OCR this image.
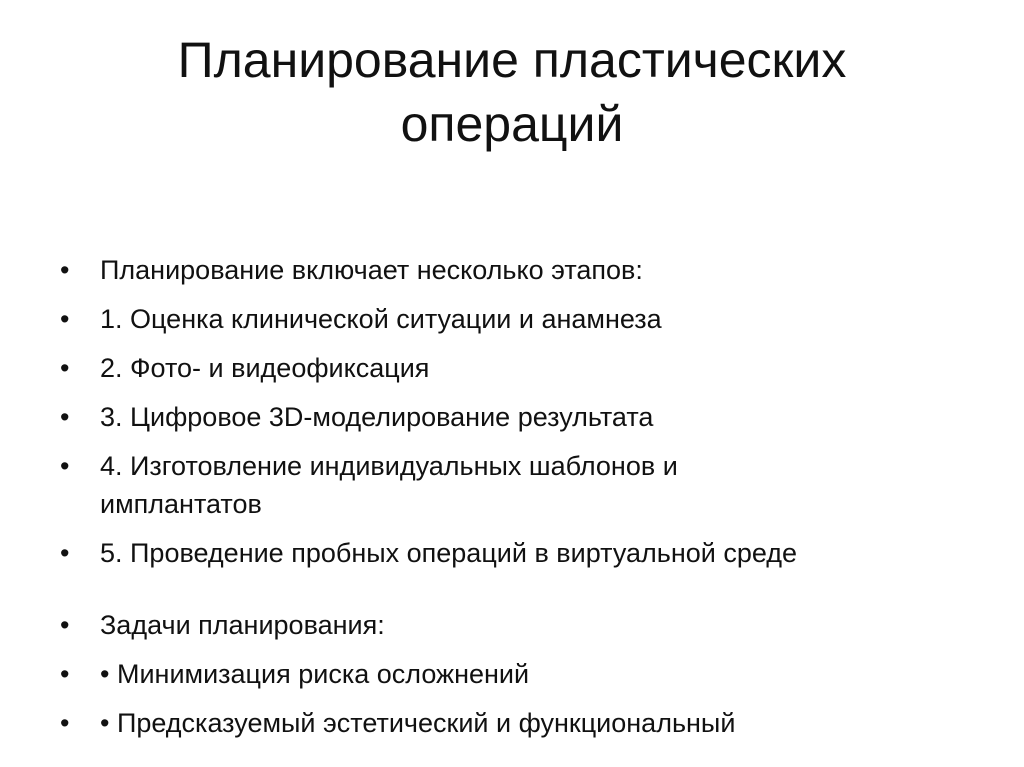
Планирование пластических
операций
•	Планирование включает несколько этапов:
•	1. Оценка клинической ситуации и анамнеза
•	2. Фото- и видеофиксация
•	3. Цифровое 3D-моделирование результата
•	4. Изготовление индивидуальных шаблонов и
имплантатов
•	5. Проведение пробных операций в виртуальной среде
•	Задачи планирования:
•	• Минимизация риска осложнений
•	• Предсказуемый эстетический и функциональный
